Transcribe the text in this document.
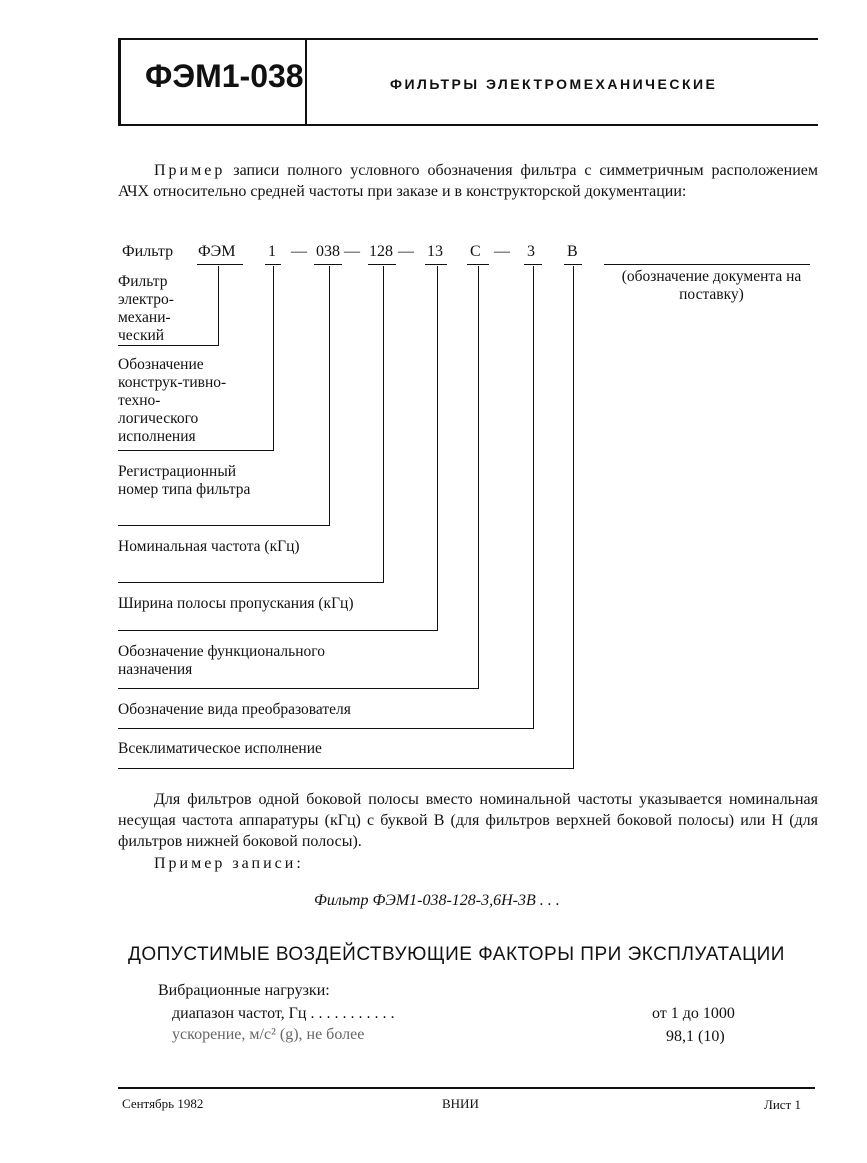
ФЭМ1-038	ФИЛЬТРЫ ЭЛЕКТРОМЕХАНИЧЕСКИЕ
Пример записи полного условного обозначения фильтра с симметричным расположением АЧХ относительно средней частоты при заказе и в конструкторской документации:
Фильтр ФЭМ 1 — 038 — 128 — 13 С — 3 В
(обозначение документа на поставку)
Фильтр электро-механи-ческий
Обозначение конструк-тивно-техно-логического исполнения
Регистрационный номер типа фильтра
Номинальная частота (кГц)
Ширина полосы пропускания (кГц)
Обозначение функционального назначения
Обозначение вида преобразователя
Всеклиматическое исполнение
Для фильтров одной боковой полосы вместо номинальной частоты указывается номинальная несущая частота аппаратуры (кГц) с буквой В (для фильтров верхней боковой полосы) или Н (для фильтров нижней боковой полосы).
Пример записи:
Фильтр ФЭМ1-038-128-3,6Н-3В . . .
ДОПУСТИМЫЕ ВОЗДЕЙСТВУЮЩИЕ ФАКТОРЫ ПРИ ЭКСПЛУАТАЦИИ
Вибрационные нагрузки:
диапазон частот, Гц . . . . . . . . . . .	от 1 до 1000
ускорение, м/с² (g), не более	98,1 (10)
Сентябрь 1982	ВНИИ	Лист 1
